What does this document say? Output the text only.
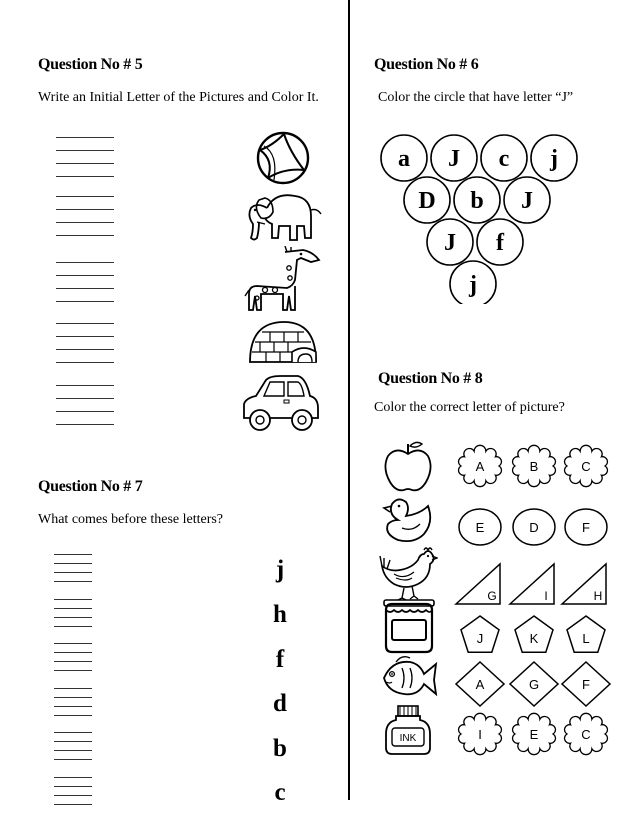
Question No # 5
Write an Initial Letter of the Pictures and Color It.
Question No # 6
Color the circle that have letter “J”
a J c j
D b J
J f
j
Question No # 7
What comes before these letters?
j
h
f
d
b
c
Question No # 8
Color the correct letter of picture?
INK
A	B	C
E	D	F
G	I	H
J	K	L
A	G	F
I	E	C
